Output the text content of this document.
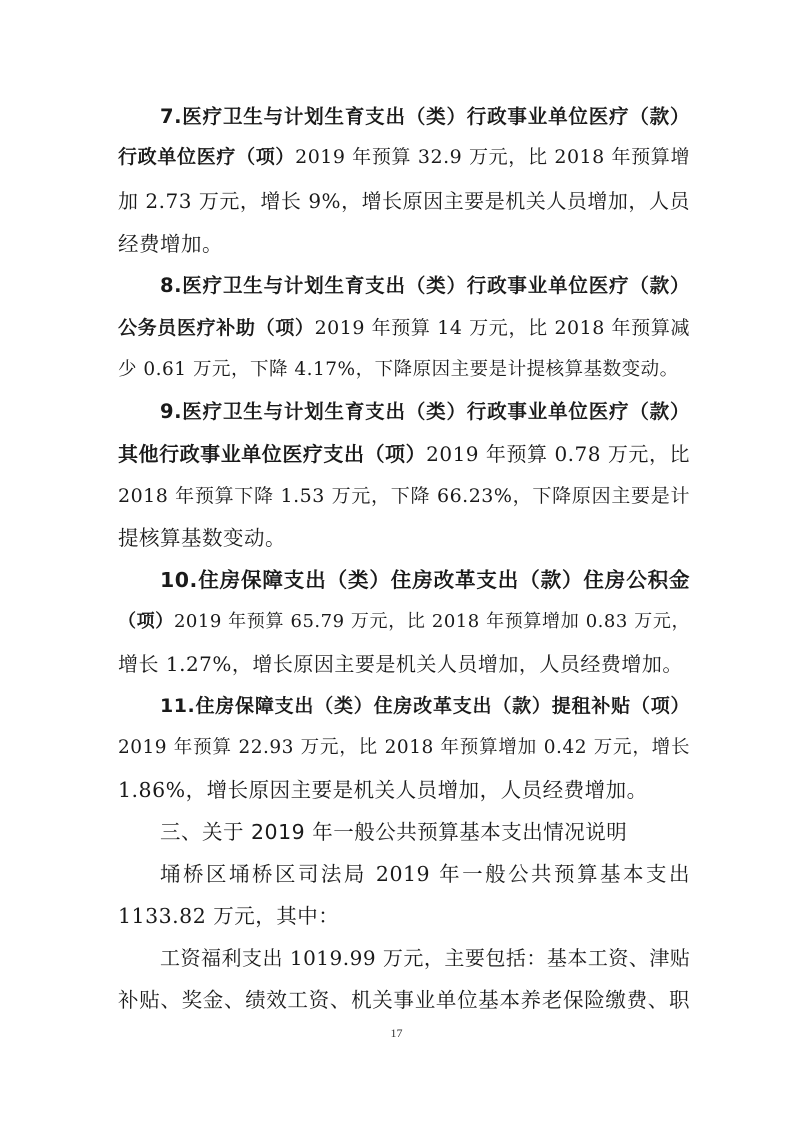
7.医疗卫生与计划生育支出（类）行政事业单位医疗（款）
行政单位医疗（项）2019 年预算 32.9 万元，比 2018 年预算增
加 2.73 万元，增长 9%，增长原因主要是机关人员增加，人员
经费增加。
8.医疗卫生与计划生育支出（类）行政事业单位医疗（款）
公务员医疗补助（项）2019 年预算 14 万元，比 2018 年预算减
少 0.61 万元，下降 4.17%，下降原因主要是计提核算基数变动。
9.医疗卫生与计划生育支出（类）行政事业单位医疗（款）
其他行政事业单位医疗支出（项）2019 年预算 0.78 万元，比
2018 年预算下降 1.53 万元，下降 66.23%，下降原因主要是计
提核算基数变动。
10.住房保障支出（类）住房改革支出（款）住房公积金
（项）2019 年预算 65.79 万元，比 2018 年预算增加 0.83 万元，
增长 1.27%，增长原因主要是机关人员增加，人员经费增加。
11.住房保障支出（类）住房改革支出（款）提租补贴（项）
2019 年预算 22.93 万元，比 2018 年预算增加 0.42 万元，增长
1.86%，增长原因主要是机关人员增加，人员经费增加。
三、关于 2019 年一般公共预算基本支出情况说明
埇桥区埇桥区司法局 2019 年一般公共预算基本支出
1133.82 万元，其中：
工资福利支出 1019.99 万元，主要包括：基本工资、津贴
补贴、奖金、绩效工资、机关事业单位基本养老保险缴费、职
17
